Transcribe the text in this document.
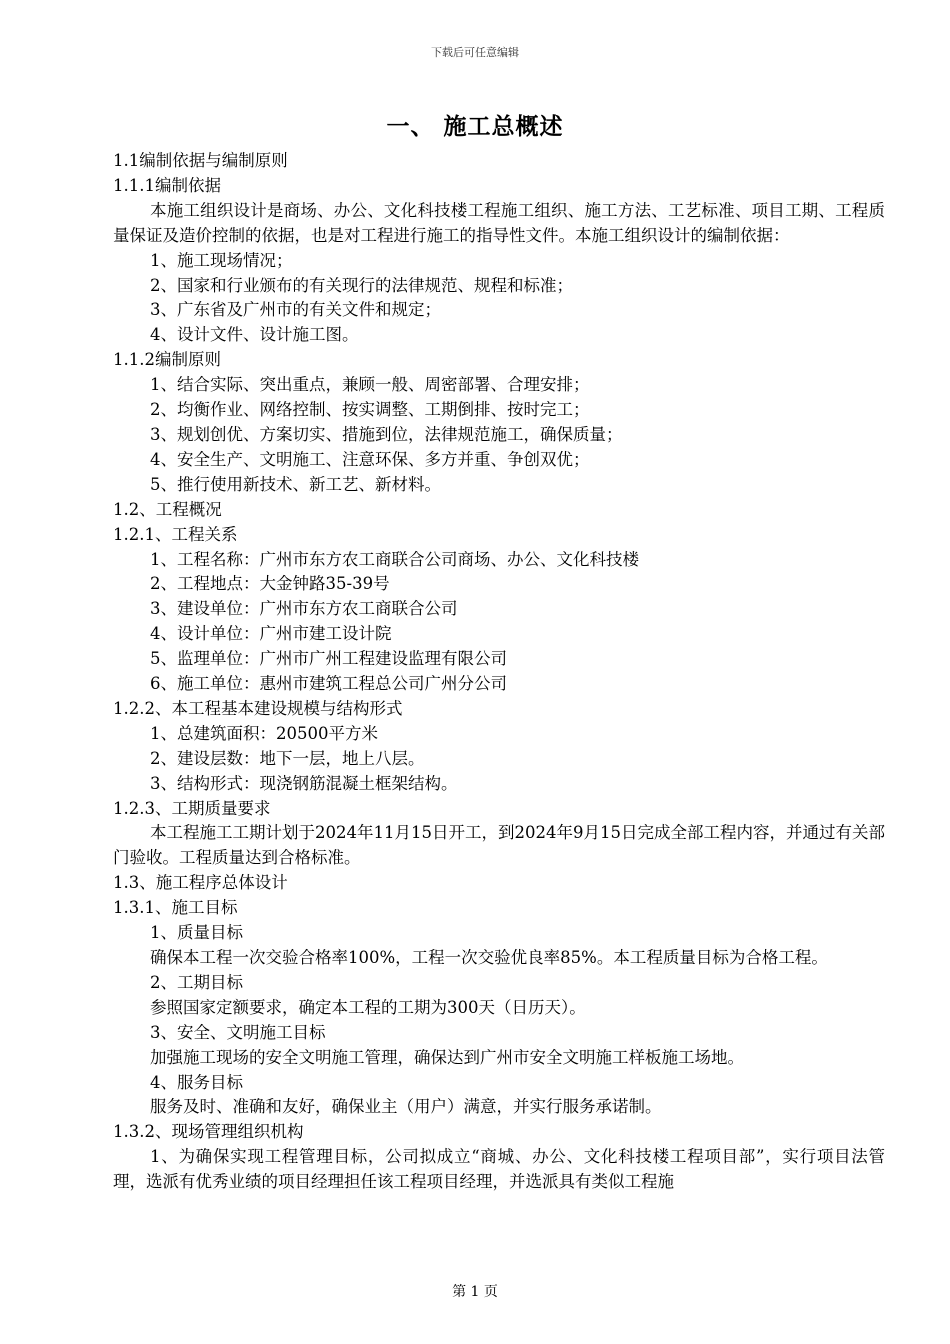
下载后可任意编辑
一、 施工总概述
1.1编制依据与编制原则
1.1.1编制依据
本施工组织设计是商场、办公、文化科技楼工程施工组织、施工方法、工艺标准、项目工期、工程质量保证及造价控制的依据，也是对工程进行施工的指导性文件。本施工组织设计的编制依据：
1、施工现场情况；
2、国家和行业颁布的有关现行的法律规范、规程和标准；
3、广东省及广州市的有关文件和规定；
4、设计文件、设计施工图。
1.1.2编制原则
1、结合实际、突出重点，兼顾一般、周密部署、合理安排；
2、均衡作业、网络控制、按实调整、工期倒排、按时完工；
3、规划创优、方案切实、措施到位，法律规范施工，确保质量；
4、安全生产、文明施工、注意环保、多方并重、争创双优；
5、推行使用新技术、新工艺、新材料。
1.2、工程概况
1.2.1、工程关系
1、工程名称：广州市东方农工商联合公司商场、办公、文化科技楼
2、工程地点：大金钟路35-39号
3、建设单位：广州市东方农工商联合公司
4、设计单位：广州市建工设计院
5、监理单位：广州市广州工程建设监理有限公司
6、施工单位：惠州市建筑工程总公司广州分公司
1.2.2、本工程基本建设规模与结构形式
1、总建筑面积：20500平方米
2、建设层数：地下一层，地上八层。
3、结构形式：现浇钢筋混凝土框架结构。
1.2.3、工期质量要求
本工程施工工期计划于2024年11月15日开工，到2024年9月15日完成全部工程内容，并通过有关部门验收。工程质量达到合格标准。
1.3、施工程序总体设计
1.3.1、施工目标
1、质量目标
确保本工程一次交验合格率100%，工程一次交验优良率85%。本工程质量目标为合格工程。
2、工期目标
参照国家定额要求，确定本工程的工期为300天（日历天）。
3、安全、文明施工目标
加强施工现场的安全文明施工管理，确保达到广州市安全文明施工样板施工场地。
4、服务目标
服务及时、准确和友好，确保业主（用户）满意，并实行服务承诺制。
1.3.2、现场管理组织机构
1、为确保实现工程管理目标，公司拟成立“商城、办公、文化科技楼工程项目部”，实行项目法管理，选派有优秀业绩的项目经理担任该工程项目经理，并选派具有类似工程施
第 1 页
